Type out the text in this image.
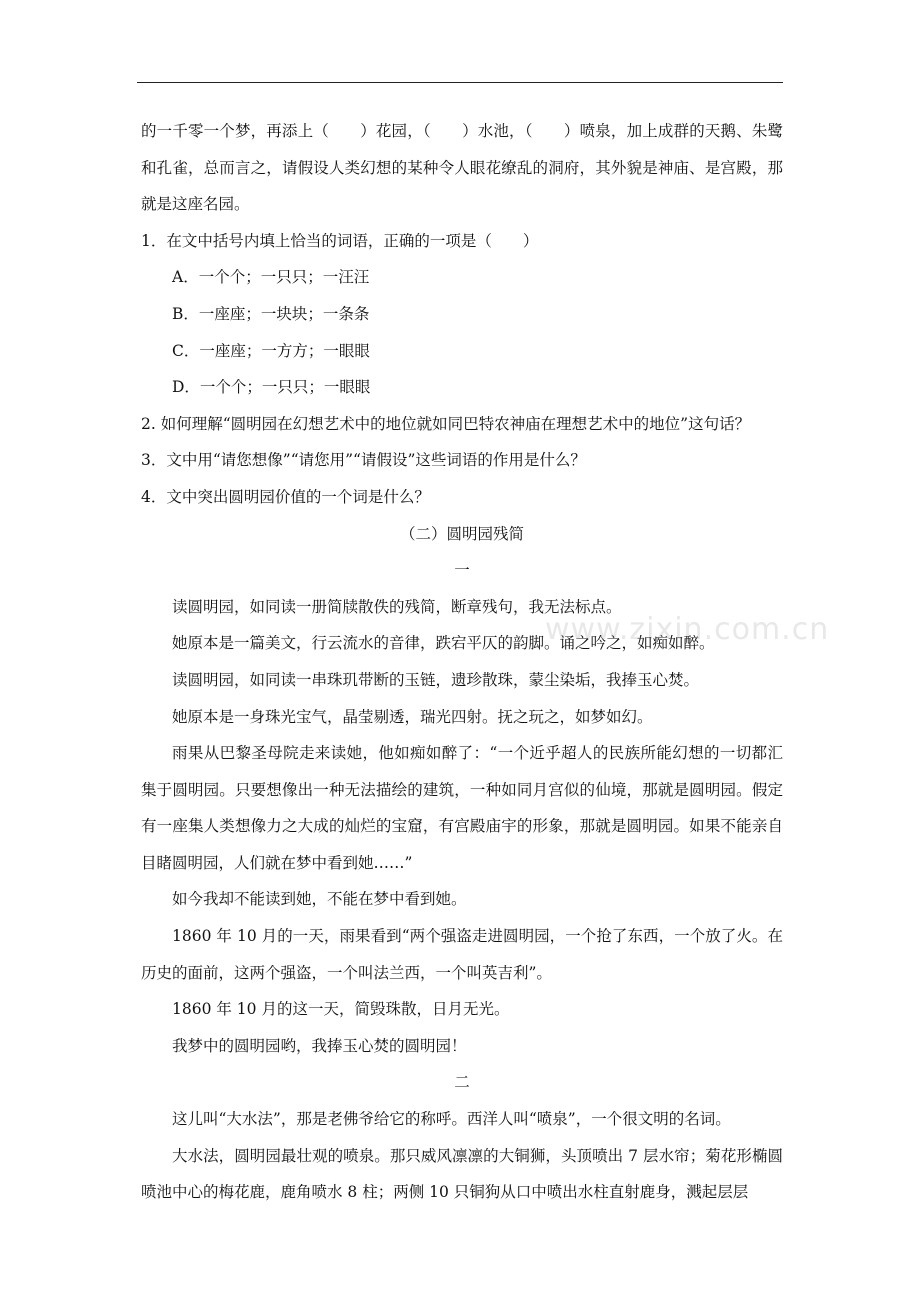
的一千零一个梦，再添上（　　）花园，（　　）水池，（　　）喷泉，加上成群的天鹅、朱鹭和孔雀，总而言之，请假设人类幻想的某种令人眼花缭乱的洞府，其外貌是神庙、是宫殿，那就是这座名园。

1．在文中括号内填上恰当的词语，正确的一项是（　　）

A．一个个；一只只；一汪汪

B．一座座；一块块；一条条

C．一座座；一方方；一眼眼

D．一个个；一只只；一眼眼

2. 如何理解“圆明园在幻想艺术中的地位就如同巴特农神庙在理想艺术中的地位”这句话？

3．文中用“请您想像”“请您用”“请假设”这些词语的作用是什么？

4．文中突出圆明园价值的一个词是什么？

（二）圆明园残简

一

读圆明园，如同读一册简牍散佚的残简，断章残句，我无法标点。

她原本是一篇美文，行云流水的音律，跌宕平仄的韵脚。诵之吟之，如痴如醉。

读圆明园，如同读一串珠玑带断的玉链，遗珍散珠，蒙尘染垢，我捧玉心焚。

她原本是一身珠光宝气，晶莹剔透，瑞光四射。抚之玩之，如梦如幻。

雨果从巴黎圣母院走来读她，他如痴如醉了：“一个近乎超人的民族所能幻想的一切都汇集于圆明园。只要想像出一种无法描绘的建筑，一种如同月宫似的仙境，那就是圆明园。假定有一座集人类想像力之大成的灿烂的宝窟，有宫殿庙宇的形象，那就是圆明园。如果不能亲自目睹圆明园，人们就在梦中看到她……”

如今我却不能读到她，不能在梦中看到她。

1860 年 10 月的一天，雨果看到“两个强盗走进圆明园，一个抢了东西，一个放了火。在历史的面前，这两个强盗，一个叫法兰西，一个叫英吉利”。

1860 年 10 月的这一天，简毁珠散，日月无光。

我梦中的圆明园哟，我捧玉心焚的圆明园！

二

这儿叫“大水法”，那是老佛爷给它的称呼。西洋人叫“喷泉”，一个很文明的名词。

大水法，圆明园最壮观的喷泉。那只威风凛凛的大铜狮，头顶喷出 7 层水帘；菊花形椭圆喷池中心的梅花鹿，鹿角喷水 8 柱；两侧 10 只铜狗从口中喷出水柱直射鹿身，溅起层层

www.zixin.com.cn
